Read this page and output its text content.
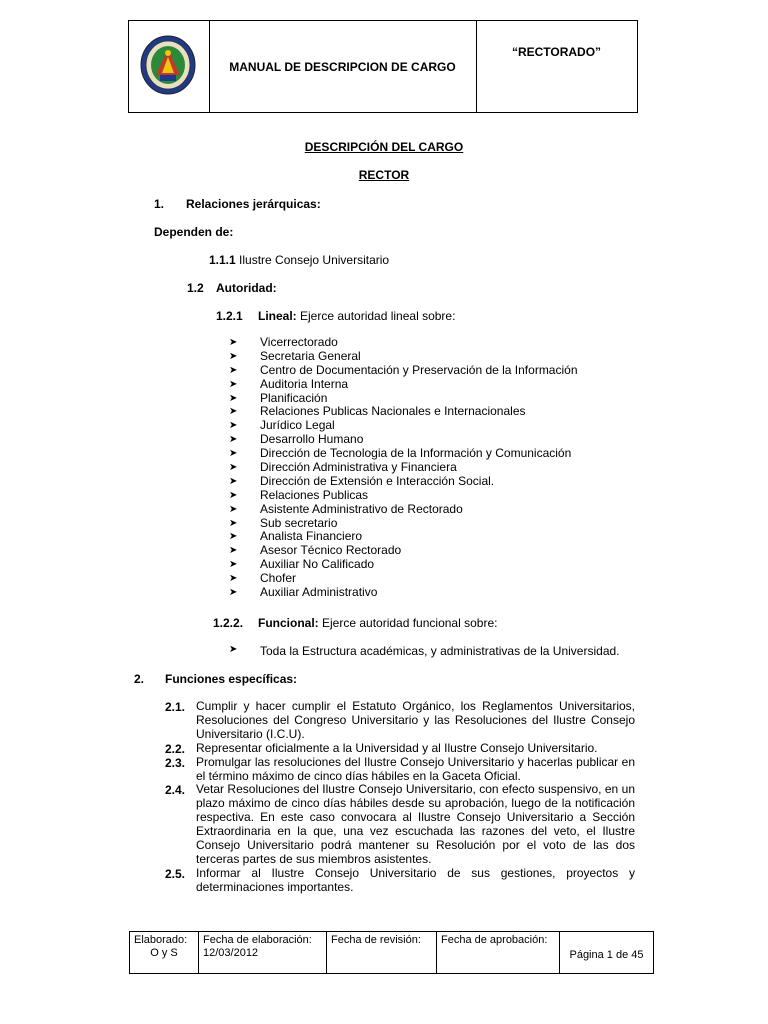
MANUAL DE DESCRIPCION DE CARGO
“RECTORADO”
DESCRIPCIÓN DEL CARGO
RECTOR
1. Relaciones jerárquicas:
Dependen de:
1.1.1 Ilustre Consejo Universitario
1.2 Autoridad:
1.2.1 Lineal: Ejerce autoridad lineal sobre:
➤ Vicerrectorado
➤ Secretaria General
➤ Centro de Documentación y Preservación de la Información
➤ Auditoria Interna
➤ Planificación
➤ Relaciones Publicas Nacionales e Internacionales
➤ Jurídico Legal
➤ Desarrollo Humano
➤ Dirección de Tecnologia de la Información y Comunicación
➤ Dirección Administrativa y Financiera
➤ Dirección de Extensión e Interacción Social.
➤ Relaciones Publicas
➤ Asistente Administrativo de Rectorado
➤ Sub secretario
➤ Analista Financiero
➤ Asesor Técnico Rectorado
➤ Auxiliar No Calificado
➤ Chofer
➤ Auxiliar Administrativo
1.2.2. Funcional: Ejerce autoridad funcional sobre:
➤ Toda la Estructura académicas, y administrativas de la Universidad.
2. Funciones específicas:
2.1. Cumplir y hacer cumplir el Estatuto Orgánico, los Reglamentos Universitarios, Resoluciones del Congreso Universitario y las Resoluciones del Ilustre Consejo Universitario (I.C.U).
2.2. Representar oficialmente a la Universidad y al Ilustre Consejo Universitario.
2.3. Promulgar las resoluciones del Ilustre Consejo Universitario y hacerlas publicar en el término máximo de cinco días hábiles en la Gaceta Oficial.
2.4. Vetar Resoluciones del Ilustre Consejo Universitario, con efecto suspensivo, en un plazo máximo de cinco días hábiles desde su aprobación, luego de la notificación respectiva. En este caso convocara al Ilustre Consejo Universitario a Sección Extraordinaria en la que, una vez escuchada las razones del veto, el Ilustre Consejo Universitario podrá mantener su Resolución por el voto de las dos terceras partes de sus miembros asistentes.
2.5. Informar al Ilustre Consejo Universitario de sus gestiones, proyectos y determinaciones importantes.
Elaborado:
O y S
Fecha de elaboración:
12/03/2012
Fecha de revisión:	Fecha de aprobación:
Página 1 de 45
